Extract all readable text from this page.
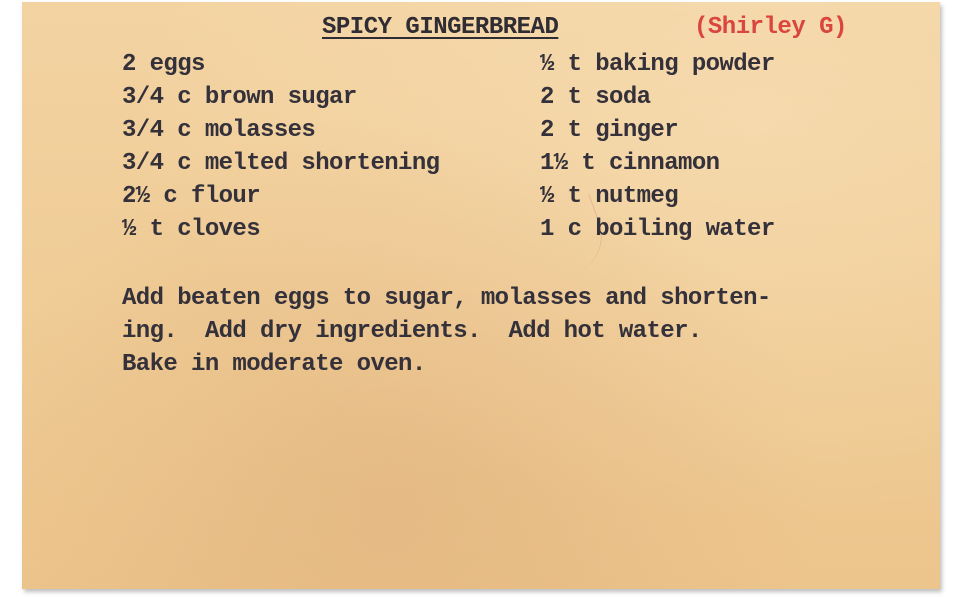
SPICY GINGERBREAD	(Shirley G)
2 eggs
3/4 c brown sugar
3/4 c molasses
3/4 c melted shortening
2½ c flour
½ t cloves
½ t baking powder
2 t soda
2 t ginger
1½ t cinnamon
½ t nutmeg
1 c boiling water
Add beaten eggs to sugar, molasses and shorten-
ing.  Add dry ingredients.  Add hot water.
Bake in moderate oven.
